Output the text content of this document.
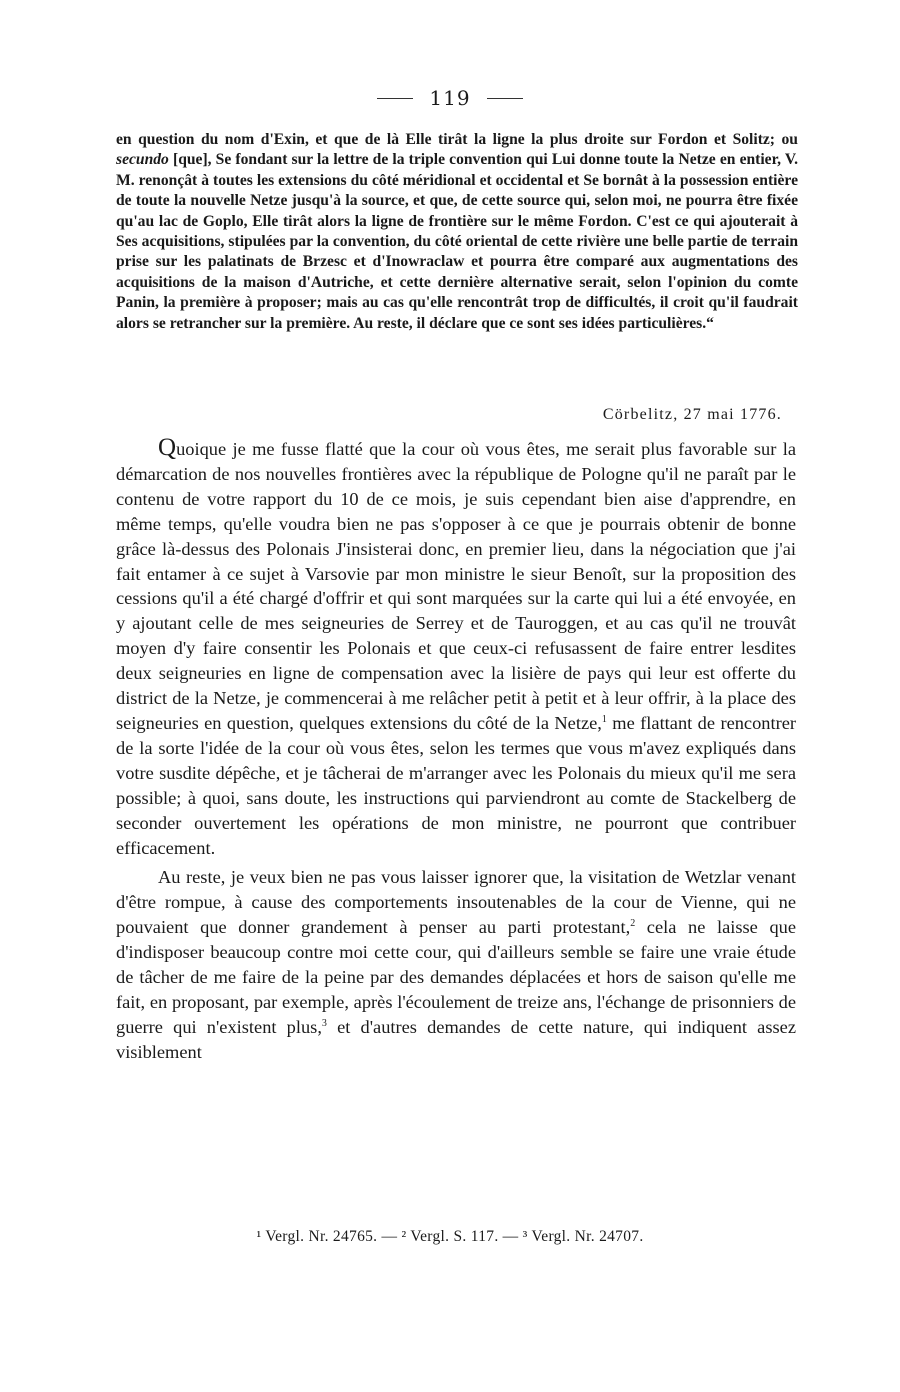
119
en question du nom d'Exin, et que de là Elle tirât la ligne la plus droite sur Fordon et Solitz; ou secundo [que], Se fondant sur la lettre de la triple convention qui Lui donne toute la Netze en entier, V. M. renonçât à toutes les extensions du côté méridional et occidental et Se bornât à la possession entière de toute la nouvelle Netze jusqu'à la source, et que, de cette source qui, selon moi, ne pourra être fixée qu'au lac de Goplo, Elle tirât alors la ligne de frontière sur le même Fordon. C'est ce qui ajouterait à Ses acquisitions, stipulées par la convention, du côté oriental de cette rivière une belle partie de terrain prise sur les palatinats de Brzesc et d'Inowraclaw et pourra être comparé aux augmentations des acquisitions de la maison d'Autriche, et cette dernière alternative serait, selon l'opinion du comte Panin, la première à proposer; mais au cas qu'elle rencontrât trop de difficultés, il croit qu'il faudrait alors se retrancher sur la première. Au reste, il déclare que ce sont ses idées particulières.“
Cörbelitz, 27 mai 1776.

Quoique je me fusse flatté que la cour où vous êtes, me serait plus favorable sur la démarcation de nos nouvelles frontières avec la république de Pologne qu'il ne paraît par le contenu de votre rapport du 10 de ce mois, je suis cependant bien aise d'apprendre, en même temps, qu'elle voudra bien ne pas s'opposer à ce que je pourrais obtenir de bonne grâce là-dessus des Polonais J'insisterai donc, en premier lieu, dans la négociation que j'ai fait entamer à ce sujet à Varsovie par mon ministre le sieur Benoît, sur la proposition des cessions qu'il a été chargé d'offrir et qui sont marquées sur la carte qui lui a été envoyée, en y ajoutant celle de mes seigneuries de Serrey et de Tauroggen, et au cas qu'il ne trouvât moyen d'y faire consentir les Polonais et que ceux-ci refusassent de faire entrer lesdites deux seigneuries en ligne de compensation avec la lisière de pays qui leur est offerte du district de la Netze, je commencerai à me relâcher petit à petit et à leur offrir, à la place des seigneuries en question, quelques extensions du côté de la Netze,$^1$ me flattant de rencontrer de la sorte l'idée de la cour où vous êtes, selon les termes que vous m'avez expliqués dans votre susdite dépêche, et je tâcherai de m'arranger avec les Polonais du mieux qu'il me sera possible; à quoi, sans doute, les instructions qui parviendront au comte de Stackelberg de seconder ouvertement les opérations de mon ministre, ne pourront que contribuer efficacement.

Au reste, je veux bien ne pas vous laisser ignorer que, la visitation de Wetzlar venant d'être rompue, à cause des comportements insoutenables de la cour de Vienne, qui ne pouvaient que donner grandement à penser au parti protestant,$^2$ cela ne laisse que d'indisposer beaucoup contre moi cette cour, qui d'ailleurs semble se faire une vraie étude de tâcher de me faire de la peine par des demandes déplacées et hors de saison qu'elle me fait, en proposant, par exemple, après l'écoulement de treize ans, l'échange de prisonniers de guerre qui n'existent plus,$^3$ et d'autres demandes de cette nature, qui indiquent assez visiblement

¹ Vergl. Nr. 24765. — ² Vergl. S. 117. — ³ Vergl. Nr. 24707.
